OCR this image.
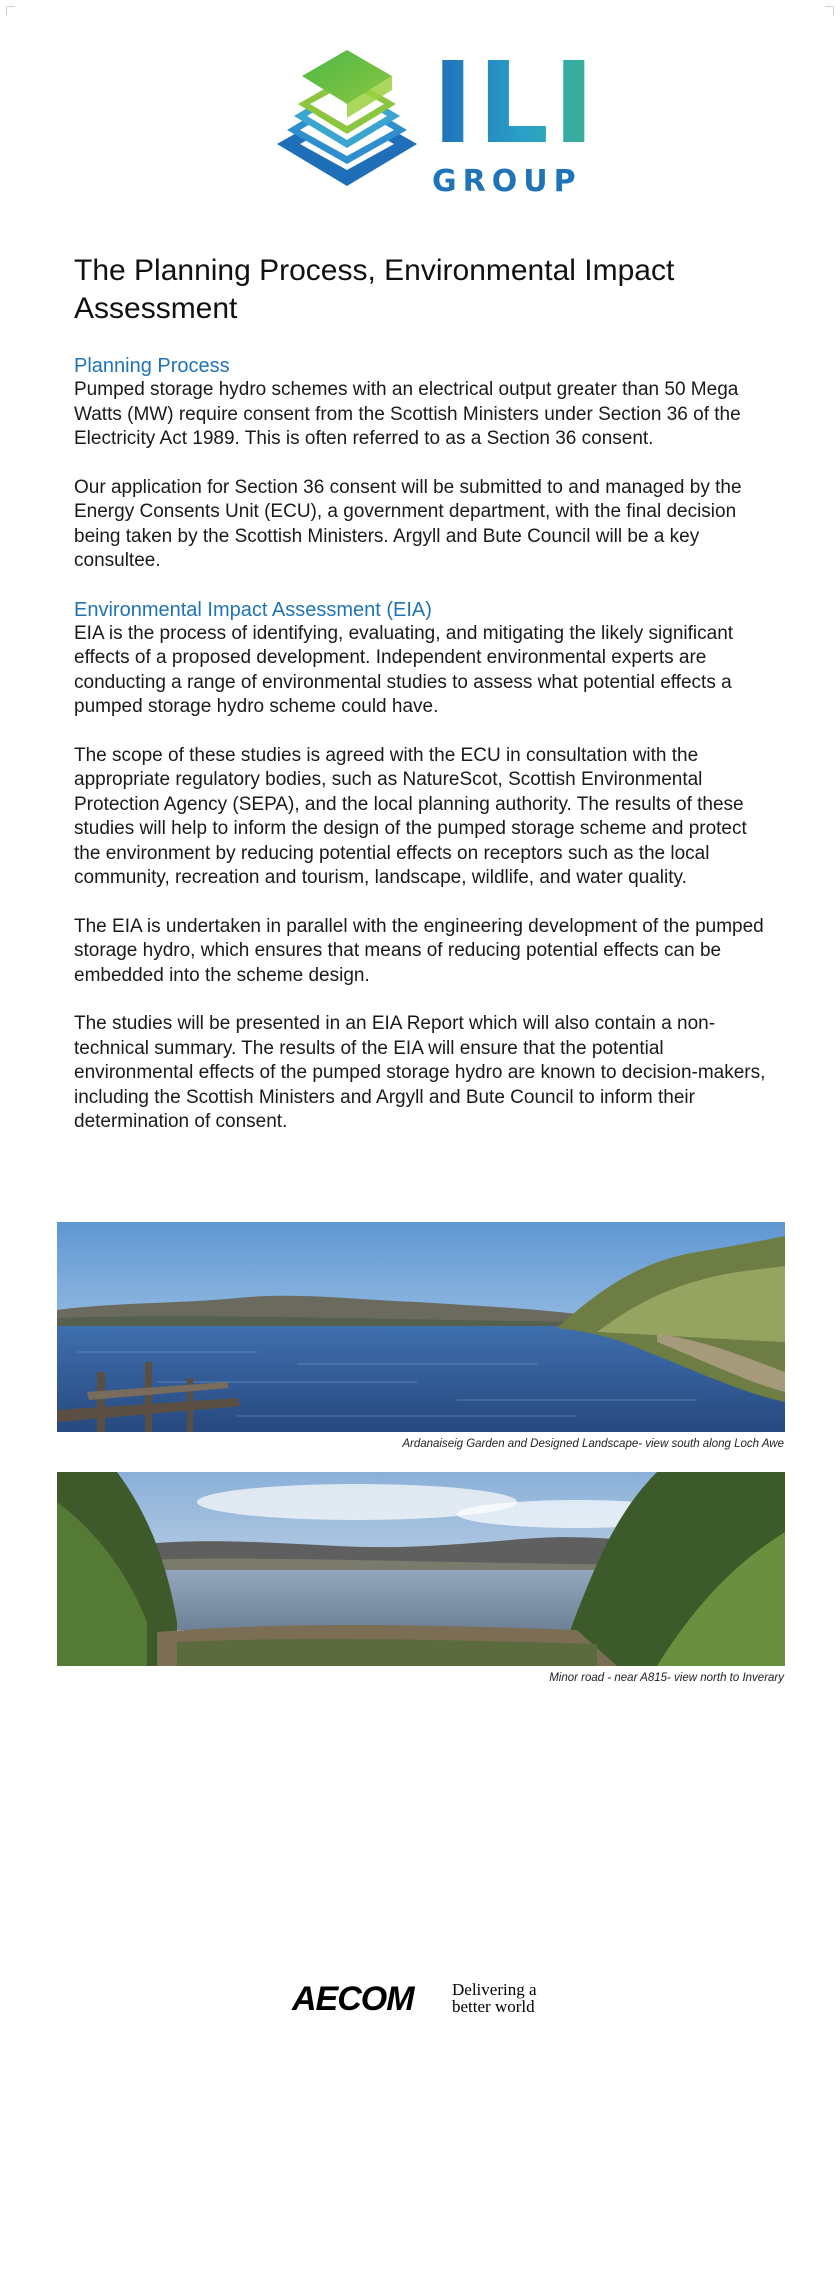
ILI
GROUP
The Planning Process, Environmental Impact Assessment

Planning Process

Pumped storage hydro schemes with an electrical output greater than 50 Mega Watts (MW) require consent from the Scottish Ministers under Section 36 of the Electricity Act 1989. This is often referred to as a Section 36 consent.

Our application for Section 36 consent will be submitted to and managed by the Energy Consents Unit (ECU), a government department, with the final decision being taken by the Scottish Ministers. Argyll and Bute Council will be a key consultee.

Environmental Impact Assessment (EIA)

EIA is the process of identifying, evaluating, and mitigating the likely significant effects of a proposed development. Independent environmental experts are conducting a range of environmental studies to assess what potential effects a pumped storage hydro scheme could have.

The scope of these studies is agreed with the ECU in consultation with the appropriate regulatory bodies, such as NatureScot, Scottish Environmental Protection Agency (SEPA), and the local planning authority. The results of these studies will help to inform the design of the pumped storage scheme and protect the environment by reducing potential effects on receptors such as the local community, recreation and tourism, landscape, wildlife, and water quality.

The EIA is undertaken in parallel with the engineering development of the pumped storage hydro, which ensures that means of reducing potential effects can be embedded into the scheme design.

The studies will be presented in an EIA Report which will also contain a non-technical summary. The results of the EIA will ensure that the potential environmental effects of the pumped storage hydro are known to decision-makers, including the Scottish Ministers and Argyll and Bute Council to inform their determination of consent.

Ardanaiseig Garden and Designed Landscape- view south along Loch Awe
Minor road - near A815- view north to Inverary
AECOM Delivering a better world
